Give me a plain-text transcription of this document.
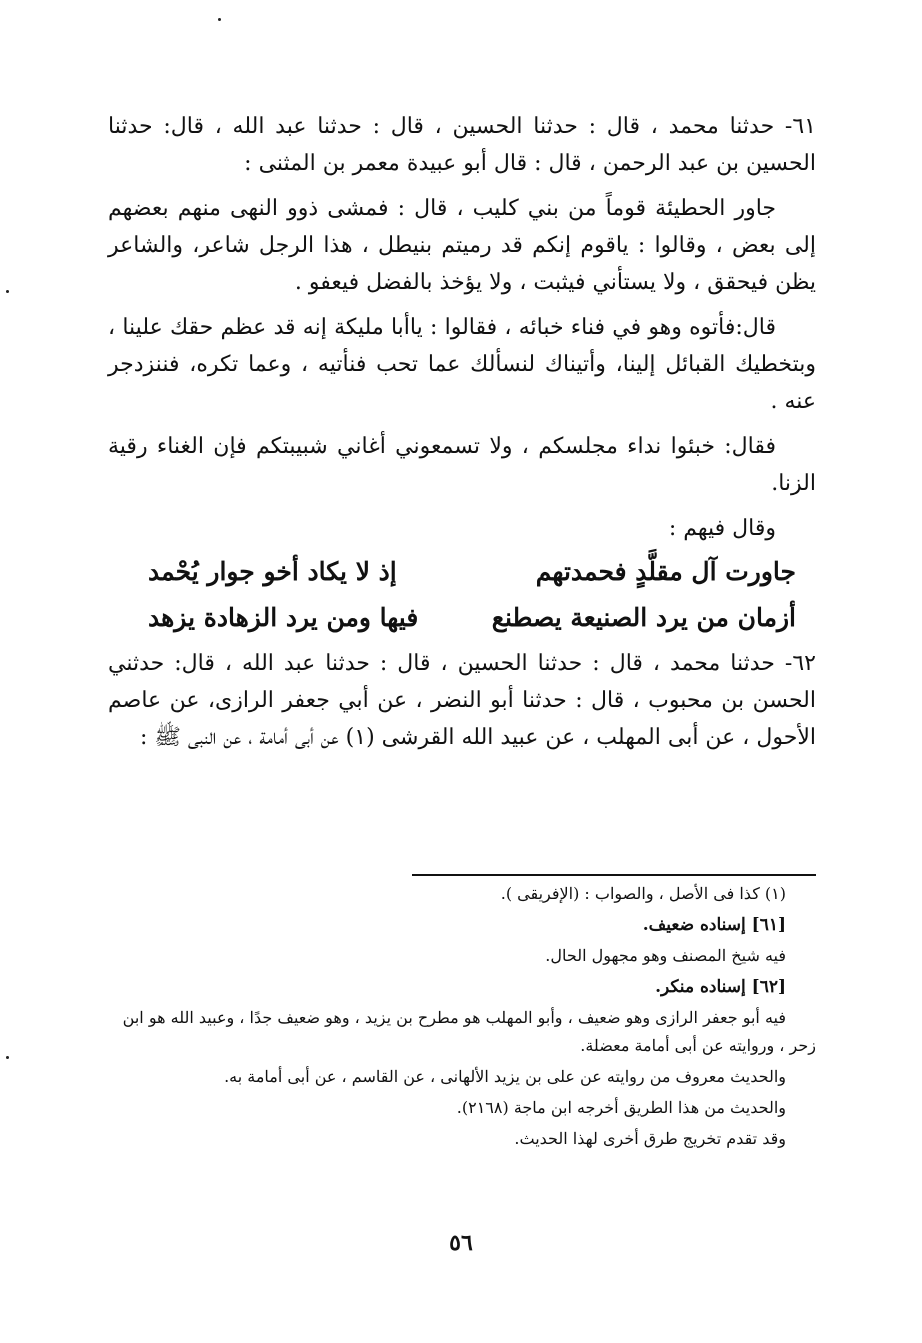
٦١- حدثنا محمد ، قال : حدثنا الحسين ، قال : حدثنا عبد الله ، قال: حدثنا الحسين بن عبد الرحمن ، قال : قال أبو عبيدة معمر بن المثنى :

جاور الحطيئة قوماً من بني كليب ، قال : فمشى ذوو النهى منهم بعضهم إلى بعض ، وقالوا : ياقوم إنكم قد رميتم بنيطل ، هذا الرجل شاعر، والشاعر يظن فيحقق ، ولا يستأني فيثبت ، ولا يؤخذ بالفضل فيعفو .

قال:فأتوه وهو في فناء خبائه ، فقالوا : ياأبا مليكة إنه قد عظم حقك علينا ، وبتخطيك القبائل إلينا، وأتيناك لنسألك عما تحب فنأتيه ، وعما تكره، فننزدجر عنه .

فقال: خبئوا نداء مجلسكم ، ولا تسمعوني أغاني شبيبتكم فإن الغناء رقية الزنا.

وقال فيهم :

جاورت آل مقلَّدٍ فحمدتهم
إذ لا يكاد أخو جوار يُحْمد
أزمان من يرد الصنيعة يصطنع
فيها ومن يرد الزهادة يزهد

٦٢- حدثنا محمد ، قال : حدثنا الحسين ، قال : حدثنا عبد الله ، قال: حدثني الحسن بن محبوب ، قال : حدثنا أبو النضر ، عن أبي جعفر الرازى، عن عاصم الأحول ، عن أبى المهلب ، عن عبيد الله القرشى (١) عن أبى أمامة ، عن النبى ﷺ :

(١) كذا فى الأصل ، والصواب : (الإفريقى ).

[٦١] إسناده ضعيف.

فيه شيخ المصنف وهو مجهول الحال.

[٦٢] إسناده منكر.

فيه أبو جعفر الرازى وهو ضعيف ، وأبو المهلب هو مطرح بن يزيد ، وهو ضعيف جدًا ، وعبيد الله هو ابن زحر ، وروايته عن أبى أمامة معضلة.

والحديث معروف من روايته عن على بن يزيد الألهانى ، عن القاسم ، عن أبى أمامة به.

والحديث من هذا الطريق أخرجه ابن ماجة (٢١٦٨).

وقد تقدم تخريج طرق أخرى لهذا الحديث.

٥٦
